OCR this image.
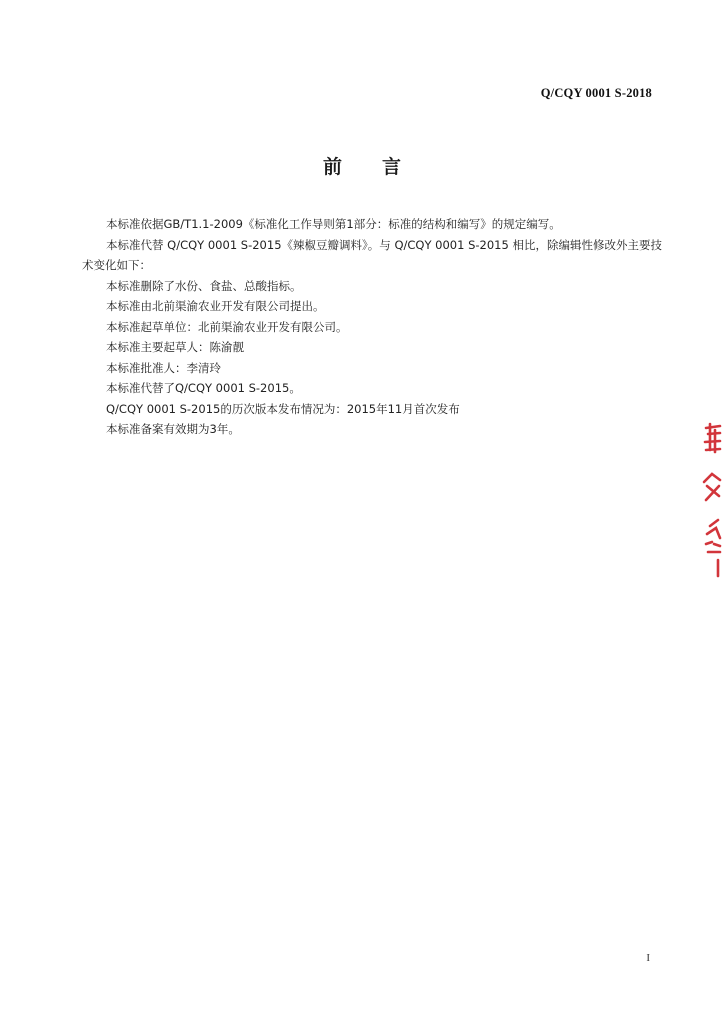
Q/CQY 0001 S-2018
前 言

本标准依据GB/T1.1-2009《标准化工作导则第1部分：标准的结构和编写》的规定编写。

本标准代替 Q/CQY 0001 S-2015《辣椒豆瓣调料》。与 Q/CQY 0001 S-2015 相比，除编辑性修改外主要技术变化如下：

本标准删除了水份、食盐、总酸指标。

本标准由北前渠渝农业开发有限公司提出。

本标准起草单位：北前渠渝农业开发有限公司。

本标准主要起草人：陈渝靓

本标准批准人：李清玲

本标准代替了Q/CQY 0001 S-2015。

Q/CQY 0001 S-2015的历次版本发布情况为：2015年11月首次发布

本标准备案有效期为3年。

I
